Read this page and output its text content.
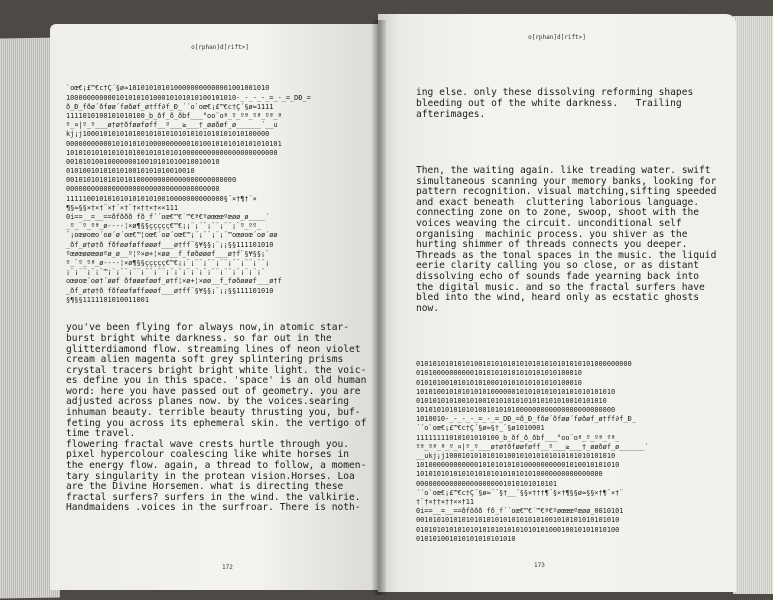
o[rphan]d[rift>]

`oœ€¡£™€c†Ç´§ø≈1010101010100000000000001001001010
10000000000010101010100010101010100101010-_-_-_-_=_-_=_DÐ_=
ð_Ð_fðø´ðføø´føðøf_ø†ff∂f_Ð_´´o`oœ€¡£™€c†Ç´§ø≈1111
1111010100101010100_b_ðf_ð_ðbf___°oo¨oª_º_ºª_ºª_ºª_ª
º_¤|º_º___ø†ø†ðføøføff__º___≥___†_øøðøf_ø______´__u
kj¡j100010101010100101010101010101010101010100000
0000000000010101010100000000001010010101010101010101
101010101010101010010101010100000000000000000000000
0010101001000000010010101010010010010
0101001010101010010101010010010
00101010101010101000000000000000000000000
0000000000000000000000000000000000000
11111001010101010101010010000000000000§¨×†¶†¨×
¶§≈§§×†×†¨×†¨×†¨†×††×†××111
0i==__=__==ðfððð fð_f´´oœ€™€˙™€ª€ºøœœœºœøø_ø____´
_º_¨º_ºª_ø----¦×ø¶§§ççççç€™€¡¡¨¡¨¨¡¨¨¡¨¨¡¨º_ºº_
¨¡oœøoœo´oø´ø´oœ€™¦oœ€´oø´oœ€™¡¨¡¨¨¡¨¡¨™oœøoœ´oø´øø
_ðf_ø†ø†ð fðføøføfføøøf___ø†ff¨§¥§§¡¨¡¡§§111101010
ºœøœøøœøøºø_ø__º¦º×ø+¦×øø__f_føðøøøf___ø†f¨§¥§§¡¨
º_¨º_ºª_ø----¦×ø¶§§ççççç€™€¡¡¨¡¨¨¡¨¨¡¨¨¡¨¨¡¨¨¡¨¨¡
¡¨¡¨¨¡¨¡¨™¡¨¡¨¨¡¨¨¡¨¨¡¨¨¡¨¡¨¡¨¡¨¡¨¡¨¨¡¨¨¡¨¡¨¡¨¡¨
oœøoœ´oø†´øøf ðføøøføøf_ø†f¦×ø+¦×øø__f_føðøøøf___ø†f
_ðf_ø†ø†ð fðføøføfføøøf___ø†ff¨§¥§§¡¨¡¡§§111101010
§¶§§1111101010011001

you've been flying for always now,in atomic star-
burst bright white darkness. so far out in the
glitterdiamond flow. streaming lines of neon violet
cream alien magenta soft grey splintering prisms
crystal tracers bright bright white light. the voic-
es define you in this space. 'space' is an old human
word: here you have passed out of geometry. you are
adjusted across planes now. by the voices.searing
inhuman beauty. terrible beauty thrusting you, buf-
feting you across its ephemeral skin. the vertigo of
time travel.
flowering fractal wave crests hurtle through you.
pixel hypercolour coalescing like white horses in
the energy flow. again, a thread to follow, a momen-
tary singularity in the protean vision.Horses. Loa
are the Divine Horsemen. what is directing these
fractal surfers? surfers in the wind. the valkirie.
Handmaidens .voices in the surfroar. There is noth-

172
o[rphan]d[rift>]

ing else. only these dissolving reforming shapes
bleeding out of the white darkness.   Trailing
afterimages.

Then, the waiting again. like treading water. swift
simultaneous scanning your memory banks, looking for
pattern recognition. visual matching,sifting speeded
and exact beneath  cluttering laborious language.
connecting zone on to zone, swoop, shoot with the
voices weaving the circuit. unconditional self
organising  machinic process. you shiver as the
hurting shimmer of threads connects you deeper.
Threads as the tonal spaces in the music. the liquid
eerie clarity calling you so close, or as distant
dissolving echo of sounds fade yearning back into
the digital music. and so the fractal surfers have
bled into the wind, heard only as ecstatic ghosts
now.

0101010101010100101010101010101010101010101000000000
0101000000000010101010101010101010100010
0101010010101010100010101010101010100010
101010010101010101000000101010101010101010101010
0101010101001010010101010101010101010010101010
101010101010101001010101000000000000000000000000
1010010-_-_-_-_=_-_=_DÐ_=ð_Ð_fðø´ðføø´føðøf_ø†ff∂f_Ð_
´´o`oœ€¡£™€c†Ç´§ø≈§†_¨§ø1010001
11111111010101010100_b_ðf_ð_ðbf___°oo¨oª_º_ºª_ºª_
ºª_ºª_ª_º_¤|º_º___ø†ø†ðføøføff__º___≥___†_øøðøf_ø______´
__ukj¡j10001010101010100101010101010101010101010
1010000000000001010101010100000000001010010101010
101010101010101010101010101010000000000000000
0000000000000000000001010101010101
´´o`oœ€¡£™€c†Ç´§ø≈¨¨§†__¨§§×†††¶¨§×†¶§§ø≈§§×†¶¨×†¨
†¨†×††×††××†11
0i==__=__==ðfððð fð_f´´oœ€™€˙™€ª€ºøœœœºœøø_0010101
0010101010101010101010101010101001010101010101010
0101010101010101010101010101010100010010101010100
010101001010101010101010

173
